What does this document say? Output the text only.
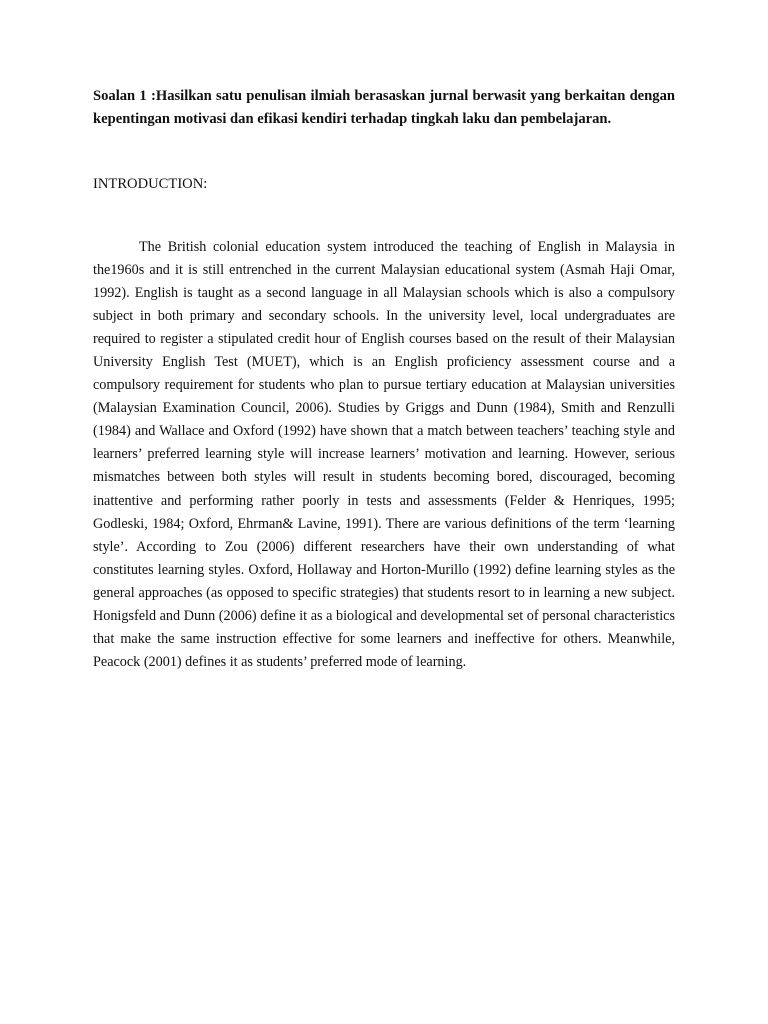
Soalan 1 :Hasilkan satu penulisan ilmiah berasaskan jurnal berwasit yang berkaitan dengan kepentingan motivasi dan efikasi kendiri terhadap tingkah laku dan pembelajaran.

INTRODUCTION:

The British colonial education system introduced the teaching of English in Malaysia in the1960s and it is still entrenched in the current Malaysian educational system (Asmah Haji Omar, 1992). English is taught as a second language in all Malaysian schools which is also a compulsory subject in both primary and secondary schools. In the university level, local undergraduates are required to register a stipulated credit hour of English courses based on the result of their Malaysian University English Test (MUET), which is an English proficiency assessment course and a compulsory requirement for students who plan to pursue tertiary education at Malaysian universities (Malaysian Examination Council, 2006). Studies by Griggs and Dunn (1984), Smith and Renzulli (1984) and Wallace and Oxford (1992) have shown that a match between teachers’ teaching style and learners’ preferred learning style will increase learners’ motivation and learning. However, serious mismatches between both styles will result in students becoming bored, discouraged, becoming inattentive and performing rather poorly in tests and assessments (Felder & Henriques, 1995; Godleski, 1984; Oxford, Ehrman& Lavine, 1991). There are various definitions of the term ‘learning style’. According to Zou (2006) different researchers have their own understanding of what constitutes learning styles. Oxford, Hollaway and Horton-Murillo (1992) define learning styles as the general approaches (as opposed to specific strategies) that students resort to in learning a new subject. Honigsfeld and Dunn (2006) define it as a biological and developmental set of personal characteristics that make the same instruction effective for some learners and ineffective for others. Meanwhile, Peacock (2001) defines it as students’ preferred mode of learning.
